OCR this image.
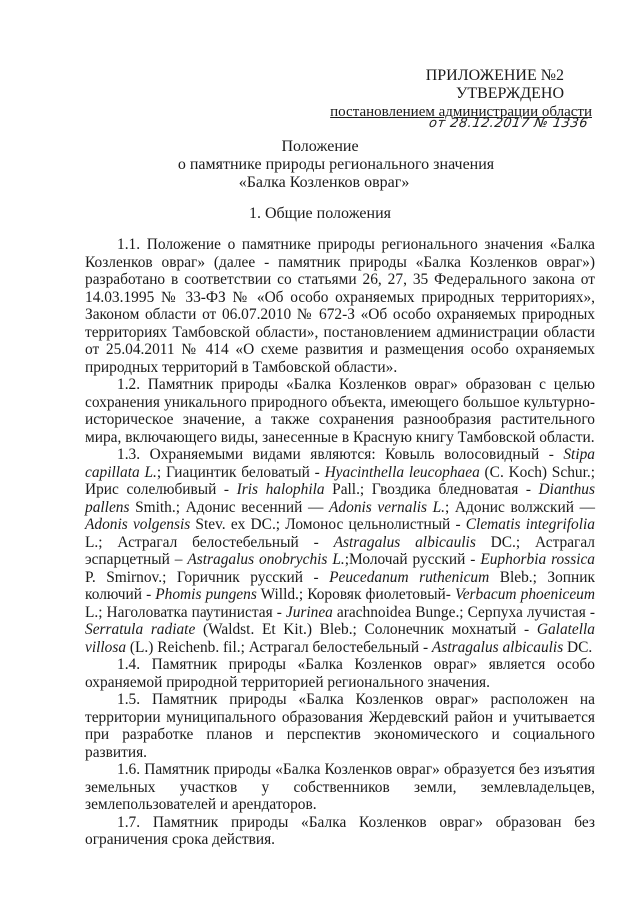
ПРИЛОЖЕНИЕ №2
УТВЕРЖДЕНО
постановлением администрации области
от 28.12.2017 № 1336
Положение
о памятнике природы регионального значения
«Балка Козленков овраг»
1. Общие положения

1.1. Положение о памятнике природы регионального значения «Балка Козленков овраг» (далее - памятник природы «Балка Козленков овраг») разработано в соответствии со статьями 26, 27, 35 Федерального закона от 14.03.1995 № 33-ФЗ № «Об особо охраняемых природных территориях», Законом области от 06.07.2010 № 672-З «Об особо охраняемых природных территориях Тамбовской области», постановлением администрации области от 25.04.2011 № 414 «О схеме развития и размещения особо охраняемых природных территорий в Тамбовской области».

1.2. Памятник природы «Балка Козленков овраг» образован с целью сохранения уникального природного объекта, имеющего большое культурно-историческое значение, а также сохранения разнообразия растительного мира, включающего виды, занесенные в Красную книгу Тамбовской области.

1.3. Охраняемыми видами являются: Ковыль волосовидный - Stipa capillata L.; Гиацинтик беловатый - Hyacinthella leucophaea (C. Koch) Schur.; Ирис солелюбивый - Iris halophila Pall.; Гвоздика бледноватая - Dianthus pallens Smith.; Адонис весенний — Adonis vernalis L.; Адонис волжский — Adonis volgensis Stev. ex DC.; Ломонос цельнолистный - Clematis integrifolia L.; Астрагал белостебельный - Astragalus albicaulis DC.; Астрагал эспарцетный – Astragalus onobrychis L.;Молочай русский - Euphorbia rossica P. Smirnov.; Горичник русский - Peucedanum ruthenicum Bleb.; Зопник колючий - Phomis pungens Willd.; Коровяк фиолетовый- Verbacum phoeniceum L.; Наголоватка паутинистая - Jurinea arachnoidea Bunge.; Серпуха лучистая - Serratula radiate (Waldst. Et Kit.) Bleb.; Солонечник мохнатый - Galatella villosa (L.) Reichenb. fil.; Астрагал белостебельный - Astragalus albicaulis DC.

1.4. Памятник природы «Балка Козленков овраг» является особо охраняемой природной территорией регионального значения.

1.5. Памятник природы «Балка Козленков овраг» расположен на территории муниципального образования Жердевский район и учитывается при разработке планов и перспектив экономического и социального развития.

1.6. Памятник природы «Балка Козленков овраг» образуется без изъятия земельных участков у собственников земли, землевладельцев, землепользователей и арендаторов.

1.7. Памятник природы «Балка Козленков овраг» образован без ограничения срока действия.
